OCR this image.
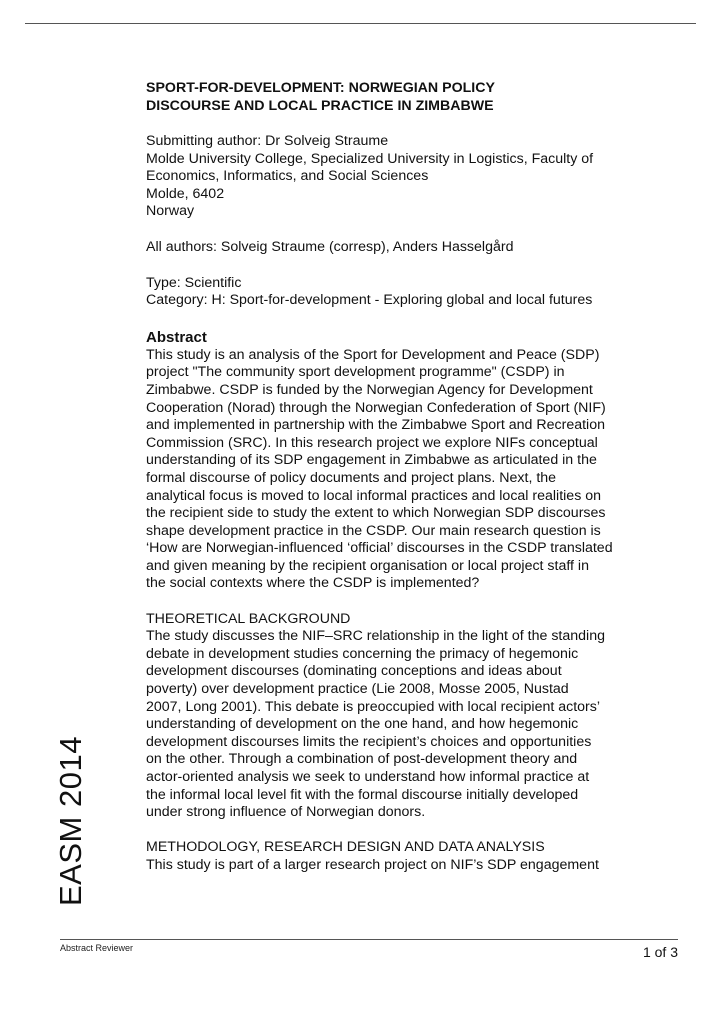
SPORT-FOR-DEVELOPMENT: NORWEGIAN POLICY
DISCOURSE AND LOCAL PRACTICE IN ZIMBABWE
Submitting author: Dr Solveig Straume
Molde University College, Specialized University in Logistics, Faculty of
Economics, Informatics, and Social Sciences
Molde, 6402
Norway
All authors: Solveig Straume (corresp), Anders Hasselgård
Type: Scientific
Category: H: Sport-for-development - Exploring global and local futures
Abstract
This study is an analysis of the Sport for Development and Peace (SDP)
project "The community sport development programme" (CSDP) in
Zimbabwe. CSDP is funded by the Norwegian Agency for Development
Cooperation (Norad) through the Norwegian Confederation of Sport (NIF)
and implemented in partnership with the Zimbabwe Sport and Recreation
Commission (SRC). In this research project we explore NIFs conceptual
understanding of its SDP engagement in Zimbabwe as articulated in the
formal discourse of policy documents and project plans. Next, the
analytical focus is moved to local informal practices and local realities on
the recipient side to study the extent to which Norwegian SDP discourses
shape development practice in the CSDP. Our main research question is
‘How are Norwegian-influenced ‘official’ discourses in the CSDP translated
and given meaning by the recipient organisation or local project staff in
the social contexts where the CSDP is implemented?
THEORETICAL BACKGROUND
The study discusses the NIF–SRC relationship in the light of the standing
debate in development studies concerning the primacy of hegemonic
development discourses (dominating conceptions and ideas about
poverty) over development practice (Lie 2008, Mosse 2005, Nustad
2007, Long 2001). This debate is preoccupied with local recipient actors’
understanding of development on the one hand, and how hegemonic
development discourses limits the recipient’s choices and opportunities
on the other. Through a combination of post-development theory and
actor-oriented analysis we seek to understand how informal practice at
the informal local level fit with the formal discourse initially developed
under strong influence of Norwegian donors.
METHODOLOGY, RESEARCH DESIGN AND DATA ANALYSIS
This study is part of a larger research project on NIF’s SDP engagement
EASM 2014
Abstract Reviewer	1 of 3
